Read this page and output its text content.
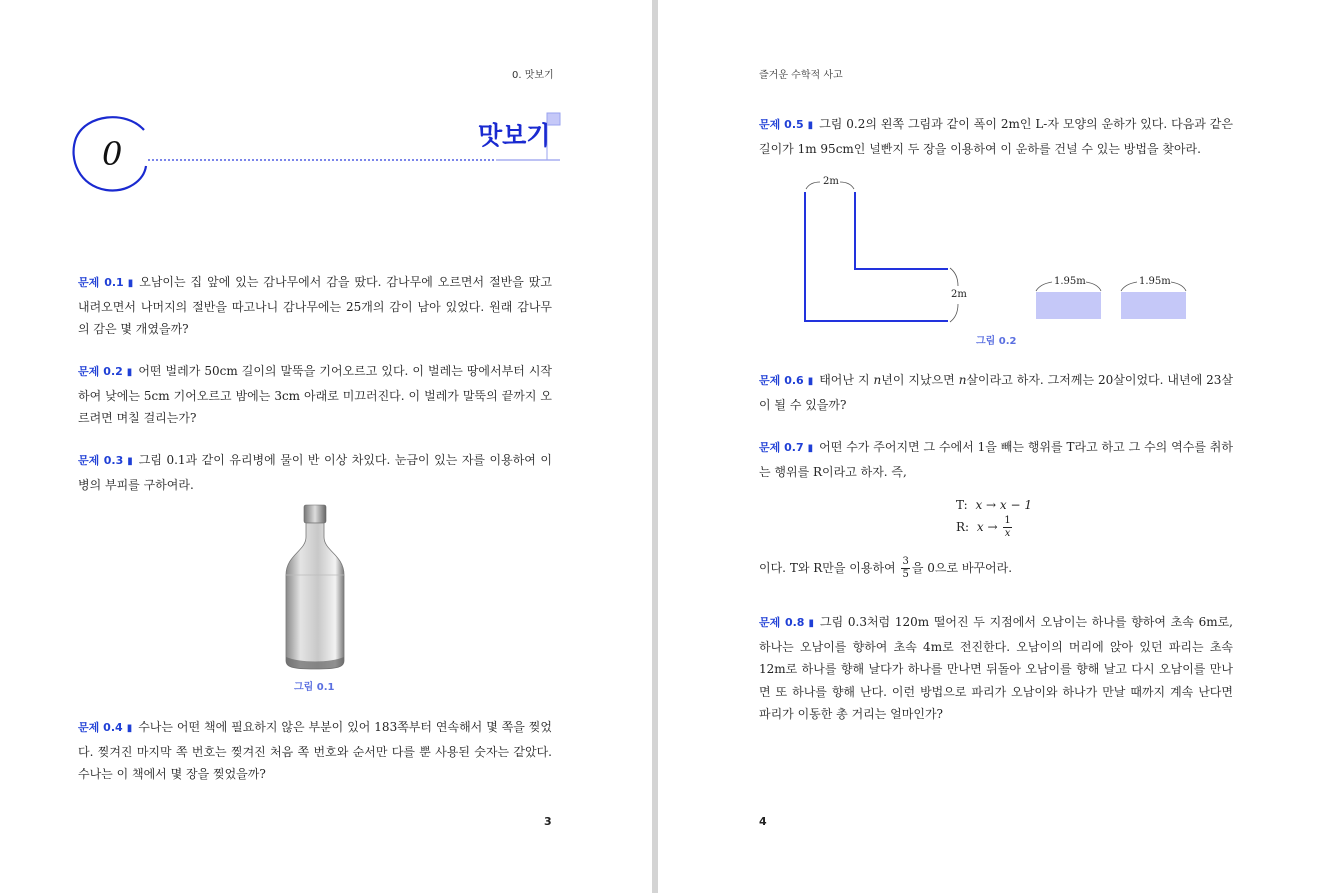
0. 맛보기
0	맛보기
문제 0.1 ▮ 오남이는 집 앞에 있는 감나무에서 감을 땄다. 감나무에 오르면서 절반을 땄고 내려오면서 나머지의 절반을 따고나니 감나무에는 25개의 감이 남아 있었다. 원래 감나무의 감은 몇 개였을까?
문제 0.2 ▮ 어떤 벌레가 50cm 길이의 말뚝을 기어오르고 있다. 이 벌레는 땅에서부터 시작하여 낮에는 5cm 기어오르고 밤에는 3cm 아래로 미끄러진다. 이 벌레가 말뚝의 끝까지 오르려면 며칠 걸리는가?
문제 0.3 ▮ 그림 0.1과 같이 유리병에 물이 반 이상 차있다. 눈금이 있는 자를 이용하여 이 병의 부피를 구하여라.
그림 0.1
문제 0.4 ▮ 수나는 어떤 책에 필요하지 않은 부분이 있어 183쪽부터 연속해서 몇 쪽을 찢었다. 찢겨진 마지막 쪽 번호는 찢겨진 처음 쪽 번호와 순서만 다를 뿐 사용된 숫자는 같았다. 수나는 이 책에서 몇 장을 찢었을까?
3
즐거운 수학적 사고
문제 0.5 ▮ 그림 0.2의 왼쪽 그림과 같이 폭이 2m인 L-자 모양의 운하가 있다. 다음과 같은 길이가 1m 95cm인 널빤지 두 장을 이용하여 이 운하를 건널 수 있는 방법을 찾아라.
2m
2m
1.95m	1.95m
그림 0.2
문제 0.6 ▮ 태어난 지 n년이 지났으면 n살이라고 하자. 그저께는 20살이었다. 내년에 23살이 될 수 있을까?
문제 0.7 ▮ 어떤 수가 주어지면 그 수에서 1을 빼는 행위를 T라고 하고 그 수의 역수를 취하는 행위를 R이라고 하자. 즉,
T: x → x − 1
R: $x \to \frac{1}{x}$
이다. T와 R만을 이용하여 $\frac{3}{5}$ 을 0으로 바꾸어라.
문제 0.8 ▮ 그림 0.3처럼 120m 떨어진 두 지점에서 오남이는 하나를 향하여 초속 6m로, 하나는 오남이를 향하여 초속 4m로 전진한다. 오남이의 머리에 앉아 있던 파리는 초속 12m로 하나를 향해 날다가 하나를 만나면 뒤돌아 오남이를 향해 날고 다시 오남이를 만나면 또 하나를 향해 난다. 이런 방법으로 파리가 오남이와 하나가 만날 때까지 계속 난다면 파리가 이동한 총 거리는 얼마인가?
4
